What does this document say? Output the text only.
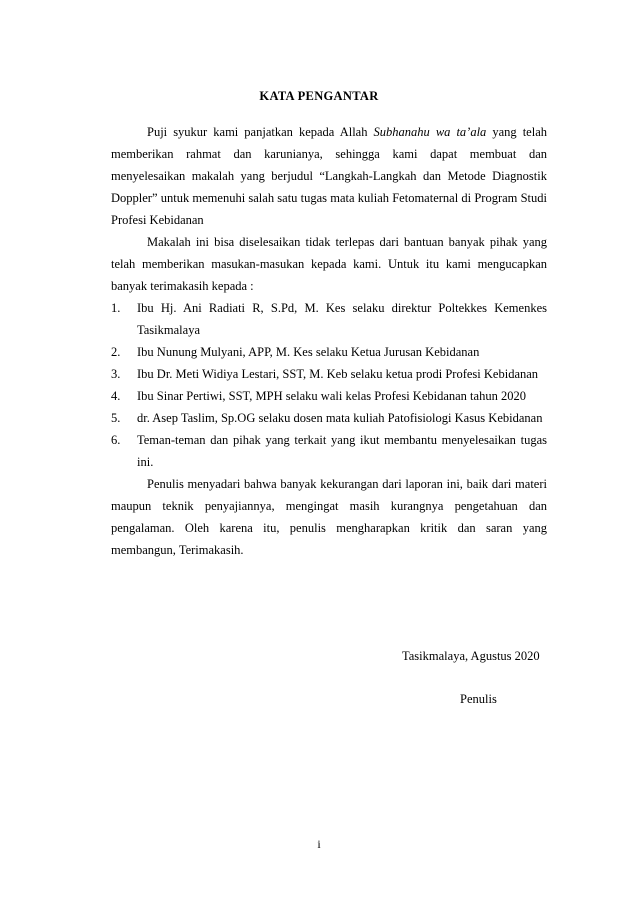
KATA PENGANTAR

Puji syukur kami panjatkan kepada Allah Subhanahu wa ta’ala yang telah memberikan rahmat dan karunianya, sehingga kami dapat membuat dan menyelesaikan makalah yang berjudul “Langkah-Langkah dan Metode Diagnostik Doppler” untuk memenuhi salah satu tugas mata kuliah Fetomaternal di Program Studi Profesi Kebidanan

Makalah ini bisa diselesaikan tidak terlepas dari bantuan banyak pihak yang telah memberikan masukan-masukan kepada kami. Untuk itu kami mengucapkan banyak terimakasih kepada :

1. Ibu Hj. Ani Radiati R, S.Pd, M. Kes selaku direktur Poltekkes Kemenkes Tasikmalaya
2. Ibu Nunung Mulyani, APP, M. Kes selaku Ketua Jurusan Kebidanan
3. Ibu Dr. Meti Widiya Lestari, SST, M. Keb selaku ketua prodi Profesi Kebidanan
4. Ibu Sinar Pertiwi, SST, MPH selaku wali kelas Profesi Kebidanan tahun 2020
5. dr. Asep Taslim, Sp.OG selaku dosen mata kuliah Patofisiologi Kasus Kebidanan
6. Teman-teman dan pihak yang terkait yang ikut membantu menyelesaikan tugas ini.

Penulis menyadari bahwa banyak kekurangan dari laporan ini, baik dari materi maupun teknik penyajiannya, mengingat masih kurangnya pengetahuan dan pengalaman. Oleh karena itu, penulis mengharapkan kritik dan saran yang membangun, Terimakasih.

Tasikmalaya, Agustus 2020
Penulis
i
